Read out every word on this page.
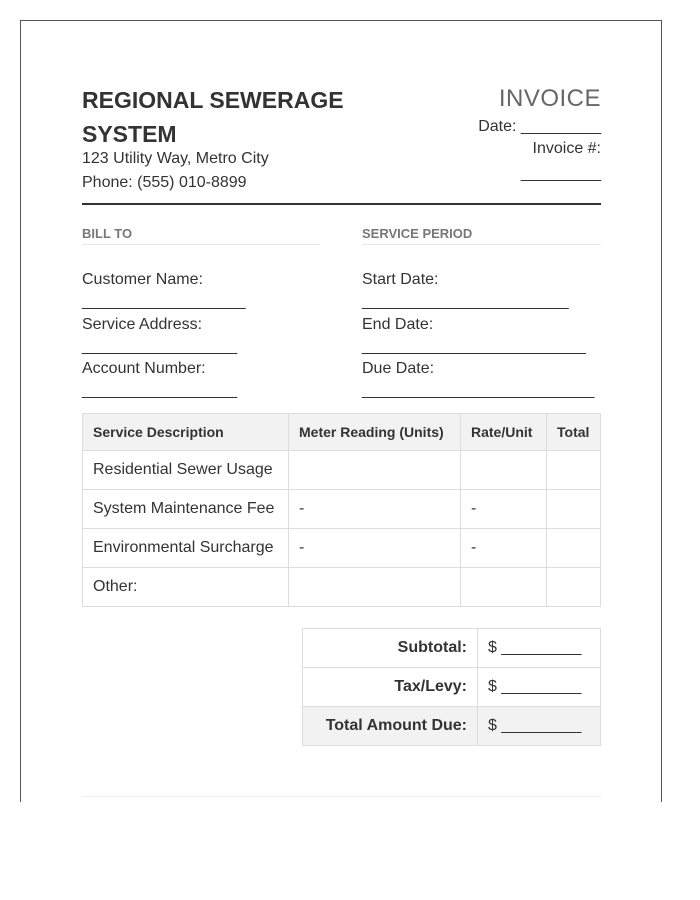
REGIONAL SEWERAGE SYSTEM
123 Utility Way, Metro City
Phone: (555) 010-8899
INVOICE
Date: _________
Invoice #:
_________
BILL TO
Customer Name:
___________________
Service Address:
__________________
Account Number:
__________________
SERVICE PERIOD
Start Date:
________________________
End Date:
__________________________
Due Date:
___________________________
Service Description	Meter Reading (Units)	Rate/Unit	Total
Residential Sewer Usage			
System Maintenance Fee	-	-	
Environmental Surcharge	-	-	
Other:			
Subtotal:	$ _________
Tax/Levy:	$ _________
Total Amount Due:	$ _________
